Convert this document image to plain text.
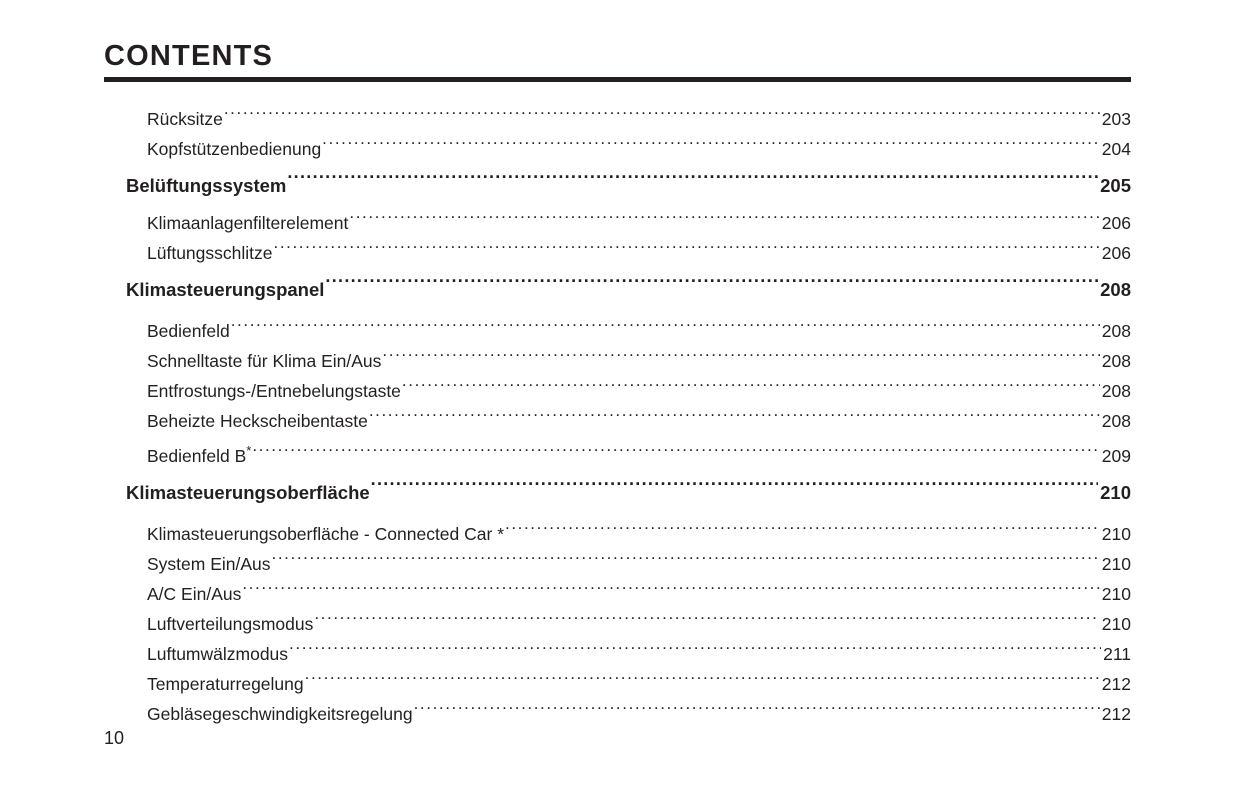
CONTENTS
Rücksitze .....	203
Kopfstützenbedienung .....	204
Belüftungssystem .....	205
Klimaanlagenfilterelement .....	206
Lüftungsschlitze .....	206
Klimasteuerungspanel .....	208
Bedienfeld .....	208
Schnelltaste für Klima Ein/Aus .....	208
Entfrostungs-/Entnebelungstaste .....	208
Beheizte Heckscheibentaste .....	208
Bedienfeld B* .....	209
Klimasteuerungsoberfläche .....	210
Klimasteuerungsoberfläche - Connected Car * .....	210
System Ein/Aus .....	210
A/C Ein/Aus .....	210
Luftverteilungsmodus .....	210
Luftumwälzmodus .....	211
Temperaturregelung .....	212
Gebläsegeschwindigkeitsregelung .....	212
10
